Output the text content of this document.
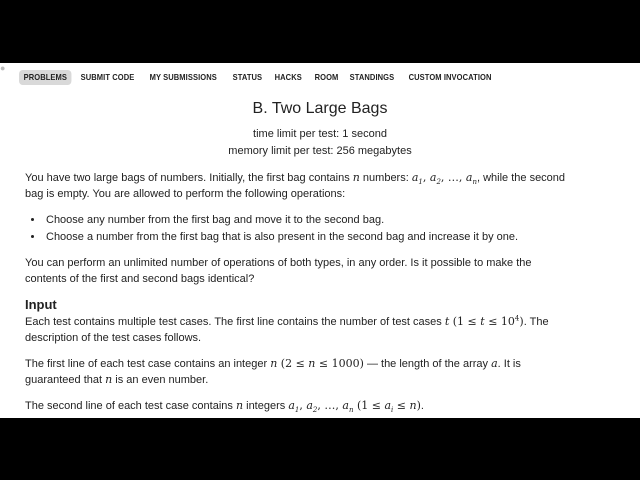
●
PROBLEMS	SUBMIT CODE	MY SUBMISSIONS	STATUS	HACKS	ROOM	STANDINGS	CUSTOM INVOCATION
B. Two Large Bags
time limit per test: 1 second
memory limit per test: 256 megabytes
You have two large bags of numbers. Initially, the first bag contains n numbers: $a_1$, $a_2$, …, $a_n$, while the second bag is empty. You are allowed to perform the following operations:
• Choose any number from the first bag and move it to the second bag.
• Choose a number from the first bag that is also present in the second bag and increase it by one.
You can perform an unlimited number of operations of both types, in any order. Is it possible to make the contents of the first and second bags identical?
Input
Each test contains multiple test cases. The first line contains the number of test cases t $(1 \le t \le 10^4)$. The description of the test cases follows.
The first line of each test case contains an integer n (2 ≤ n ≤ 1000) — the length of the array a. It is guaranteed that n is an even number.
The second line of each test case contains n integers $a_1$, $a_2$, …, $a_n$ $(1 \le a_i \le n)$.
